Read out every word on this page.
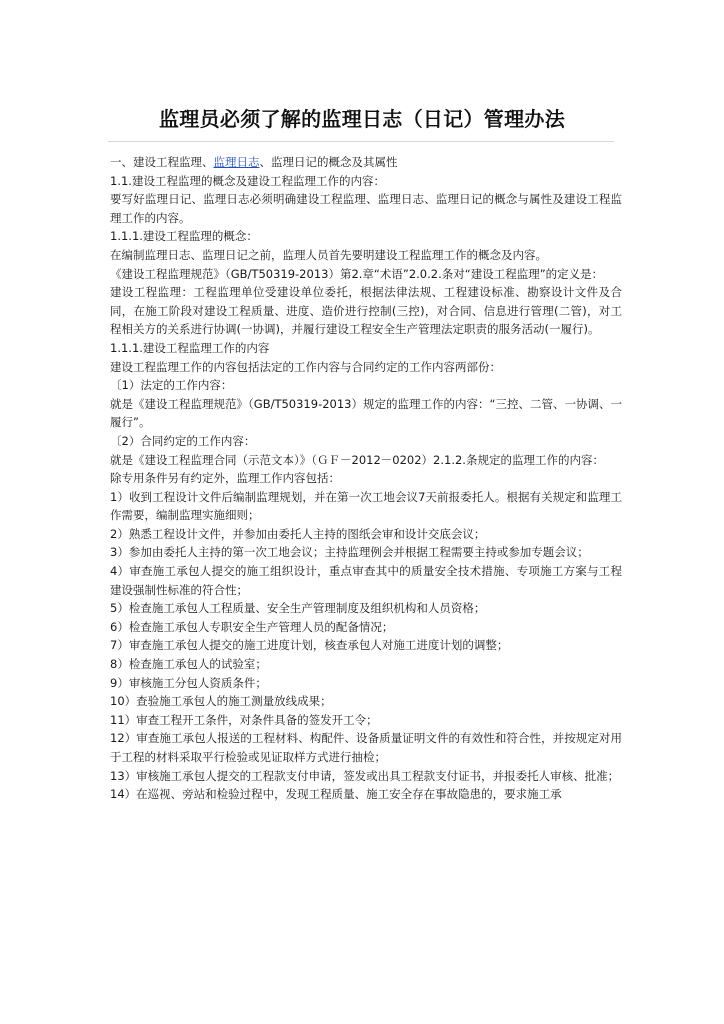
监理员必须了解的监理日志（日记）管理办法

一、建设工程监理、监理日志、监理日记的概念及其属性

1.1.建设工程监理的概念及建设工程监理工作的内容：

要写好监理日记、监理日志必须明确建设工程监理、监理日志、监理日记的概念与属性及建设工程监理工作的内容。

1.1.1.建设工程监理的概念：

在编制监理日志、监理日记之前，监理人员首先要明建设工程监理工作的概念及内容。

《建设工程监理规范》（GB/T50319-2013）第2.章“术语”2.0.2.条对“建设工程监理”的定义是：

建设工程监理：工程监理单位受建设单位委托，根据法律法规、工程建设标准、勘察设计文件及合同，在施工阶段对建设工程质量、进度、造价进行控制(三控)，对合同、信息进行管理(二管)，对工程相关方的关系进行协调(一协调)，并履行建设工程安全生产管理法定职责的服务活动(一履行)。

1.1.1.建设工程监理工作的内容

建设工程监理工作的内容包括法定的工作内容与合同约定的工作内容两部份：

〔1）法定的工作内容：

就是《建设工程监理规范》（GB/T50319-2013）规定的监理工作的内容：“三控、二管、一协调、一履行”。

〔2）合同约定的工作内容：

就是《建设工程监理合同（示范文本）》（ＧＦ－2012－0202）2.1.2.条规定的监理工作的内容：

除专用条件另有约定外，监理工作内容包括：

1）收到工程设计文件后编制监理规划，并在第一次工地会议7天前报委托人。根据有关规定和监理工作需要，编制监理实施细则；

2）熟悉工程设计文件，并参加由委托人主持的图纸会审和设计交底会议；

3）参加由委托人主持的第一次工地会议；主持监理例会并根据工程需要主持或参加专题会议；

4）审查施工承包人提交的施工组织设计，重点审查其中的质量安全技术措施、专项施工方案与工程建设强制性标准的符合性；

5）检查施工承包人工程质量、安全生产管理制度及组织机构和人员资格；

6）检查施工承包人专职安全生产管理人员的配备情况；

7）审查施工承包人提交的施工进度计划，核查承包人对施工进度计划的调整；

8）检查施工承包人的试验室；

9）审核施工分包人资质条件；

10）查验施工承包人的施工测量放线成果；

11）审查工程开工条件，对条件具备的签发开工令；

12）审查施工承包人报送的工程材料、构配件、设备质量证明文件的有效性和符合性，并按规定对用于工程的材料采取平行检验或见证取样方式进行抽检；

13）审核施工承包人提交的工程款支付申请，签发或出具工程款支付证书，并报委托人审核、批准；

14）在巡视、旁站和检验过程中，发现工程质量、施工安全存在事故隐患的，要求施工承
